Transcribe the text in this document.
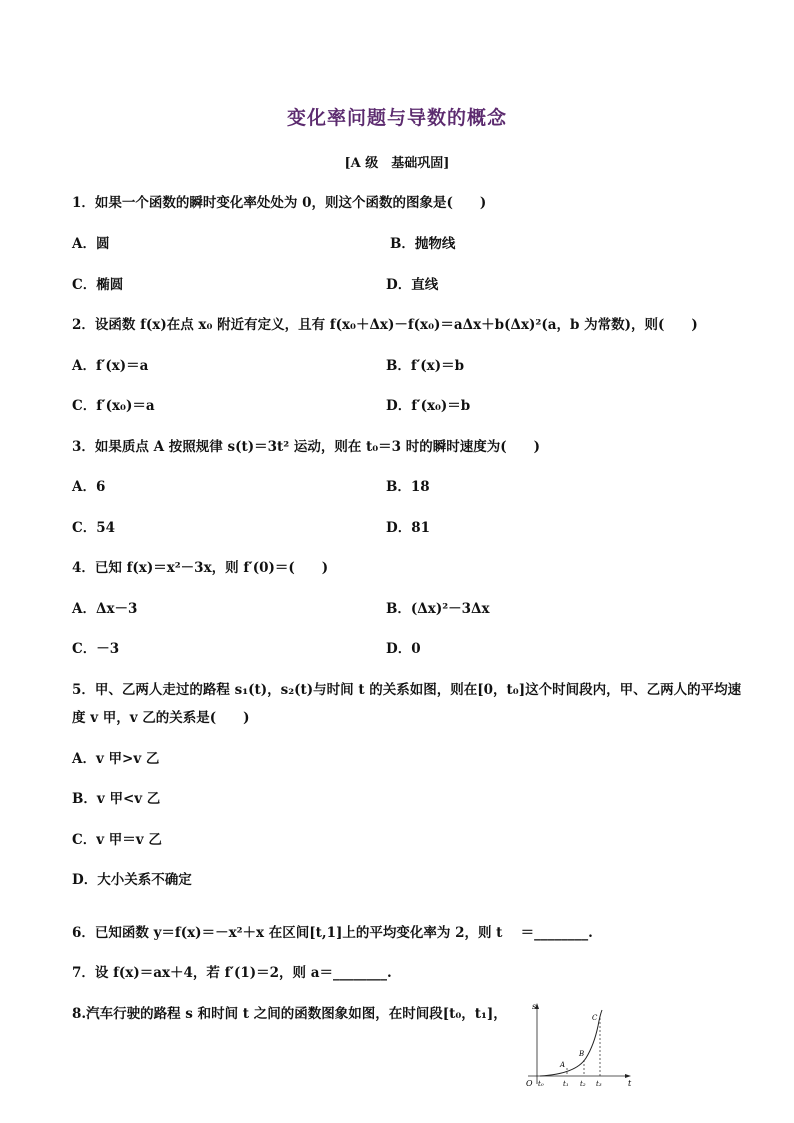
变化率问题与导数的概念
[A 级　基础巩固]
1．如果一个函数的瞬时变化率处处为 0，则这个函数的图象是(　　)
A．圆	B．抛物线
C．椭圆	D．直线
2．设函数 f(x)在点 x₀ 附近有定义，且有 f(x₀＋Δx)－f(x₀)＝aΔx＋b(Δx)²(a，b 为常数)，则(　　)
A．f′(x)＝a	B．f′(x)＝b
C．f′(x₀)＝a	D．f′(x₀)＝b
3．如果质点 A 按照规律 s(t)＝3t² 运动，则在 t₀＝3 时的瞬时速度为(　　)
A．6	B．18
C．54	D．81
4．已知 f(x)＝x²－3x，则 f′(0)＝(　　)
A．Δx－3	B．(Δx)²－3Δx
C．－3	D．0
5．甲、乙两人走过的路程 s₁(t)，s₂(t)与时间 t 的关系如图，则在[0，t₀]这个时间段内，甲、乙两人的平均速
度 v 甲，v 乙的关系是(　　)
A．v 甲>v 乙
B．v 甲<v 乙
C．v 甲＝v 乙
D．大小关系不确定
6．已知函数 y＝f(x)＝－x²＋x 在区间[t,1]上的平均变化率为 2，则 t　 ＝________.
7．设 f(x)＝ax＋4，若 f′(1)＝2，则 a＝________.
8.汽车行驶的路程 s 和时间 t 之间的函数图象如图，在时间段[t₀，t₁]，	s
t
O t₀	t₁ t₂ t₃
A
B
C
